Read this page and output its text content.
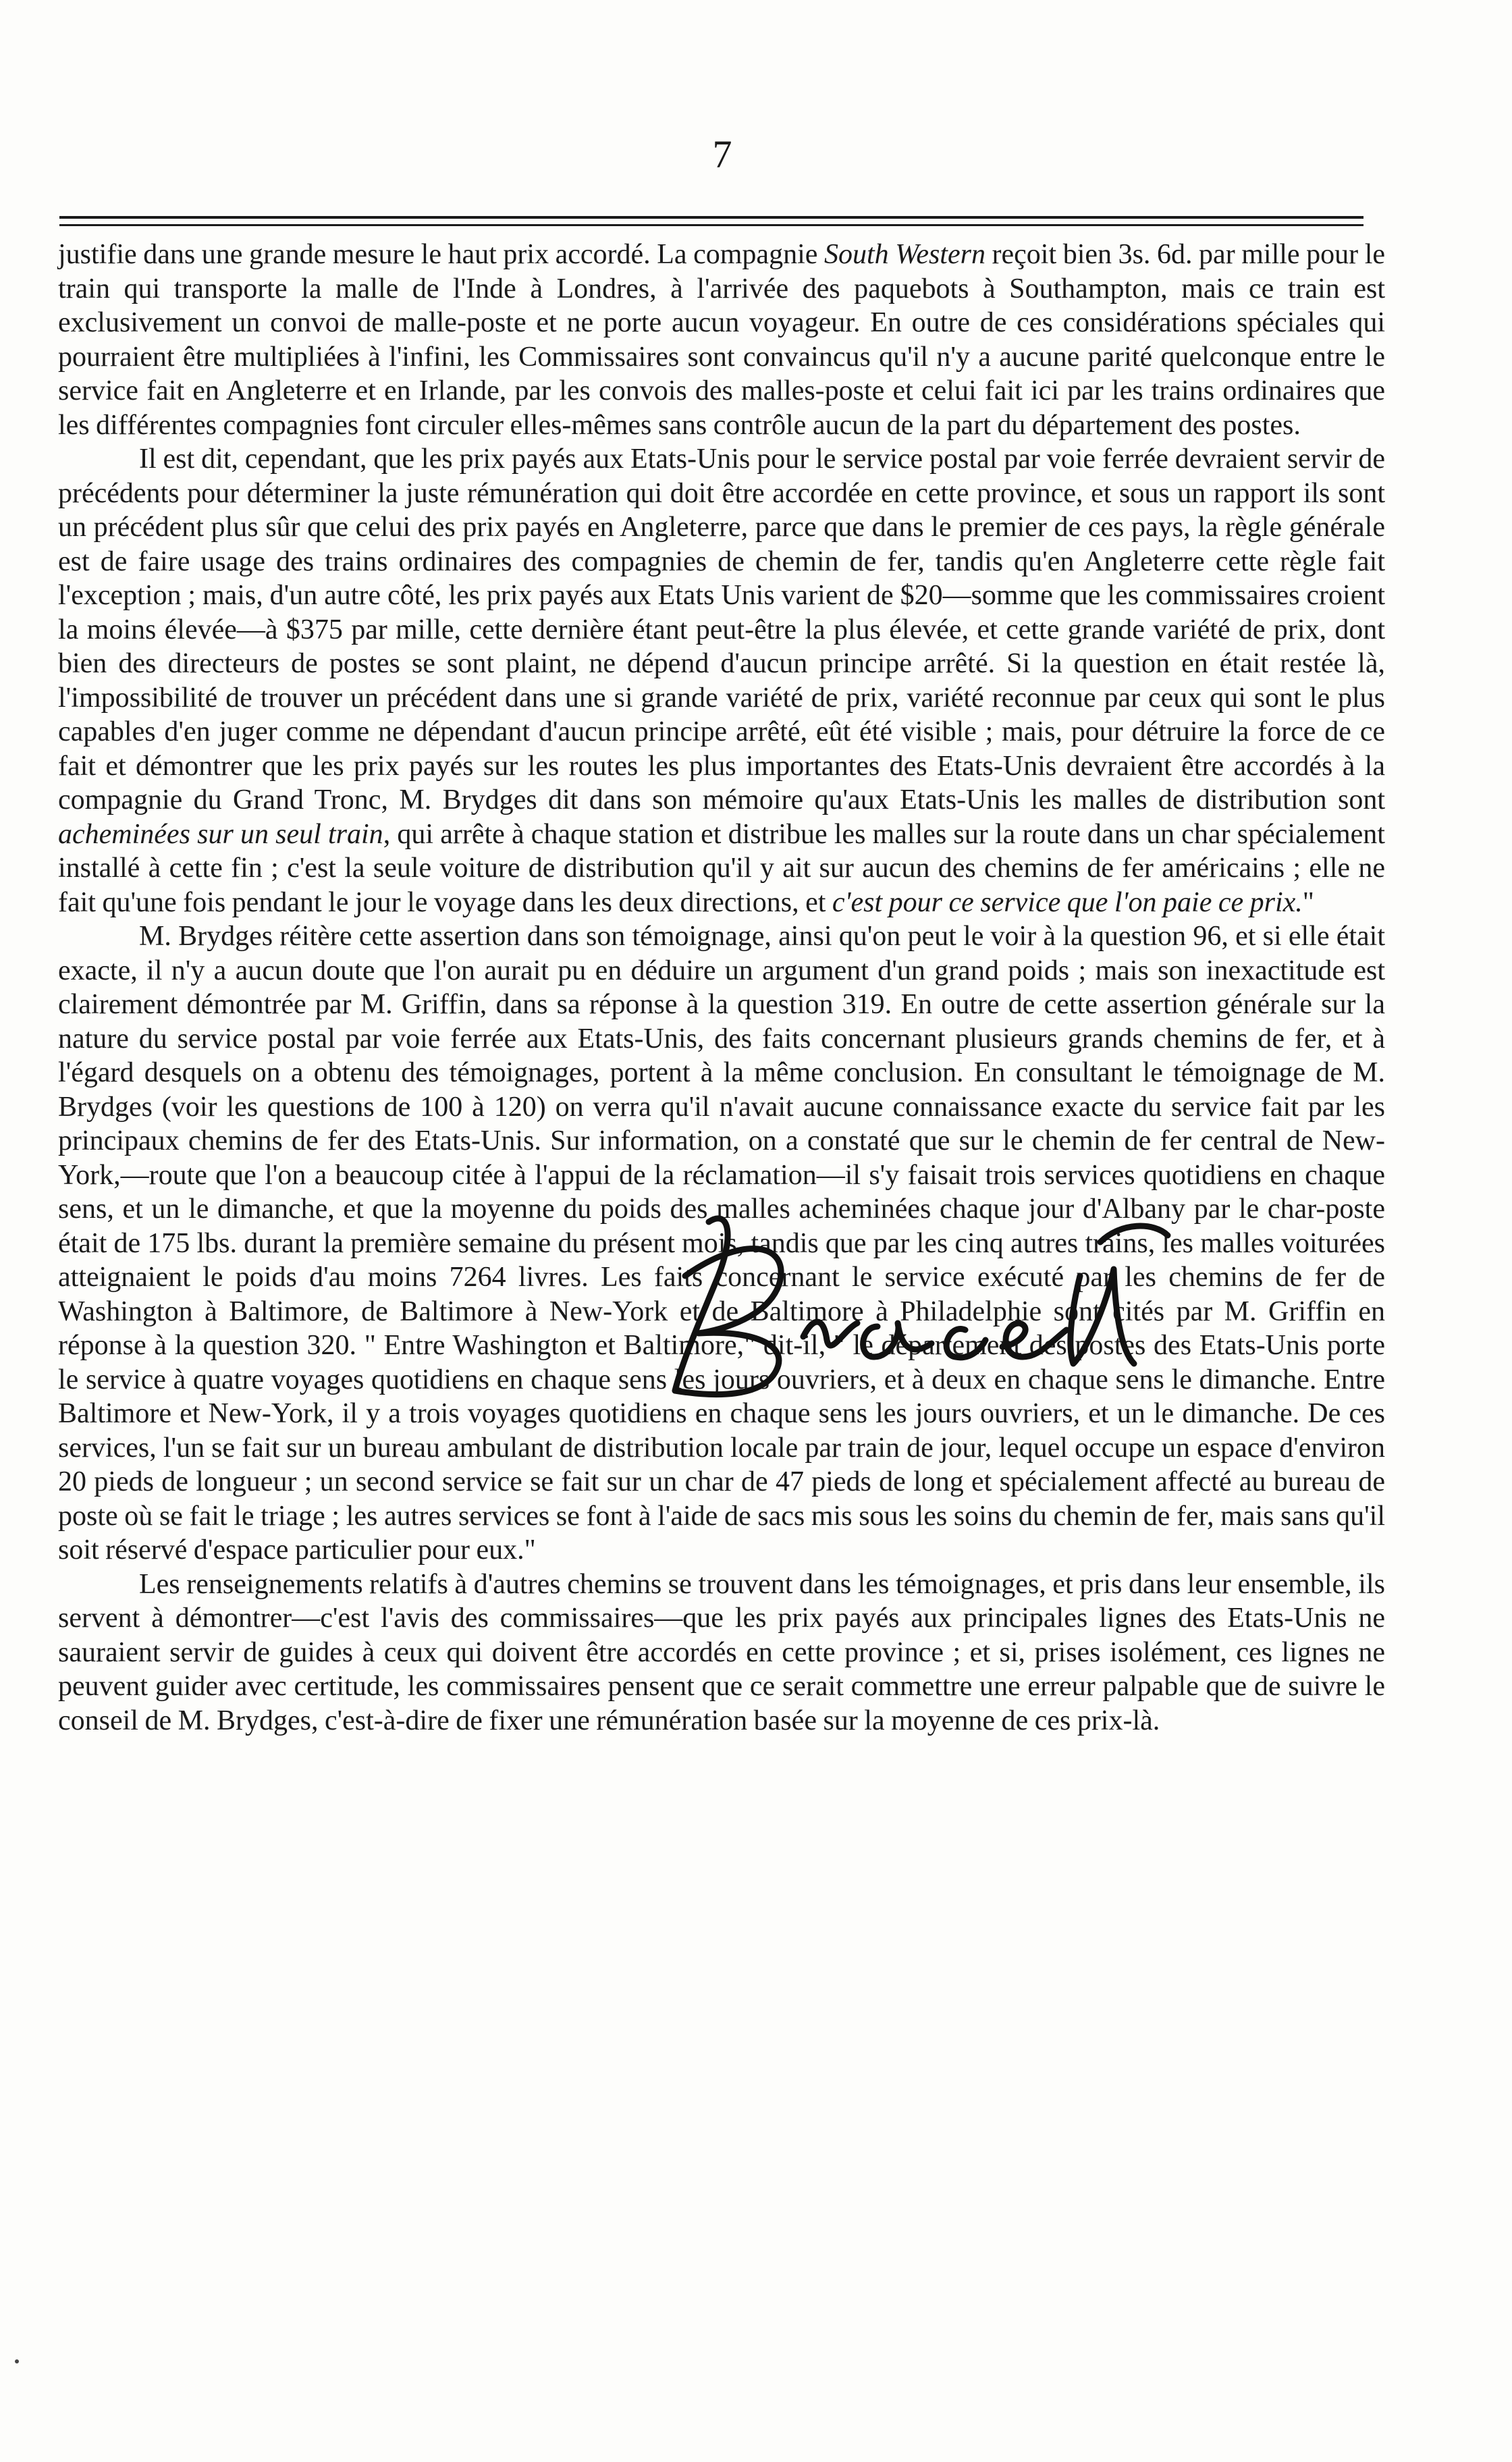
7

justifie dans une grande mesure le haut prix accordé. La compagnie South Western reçoit bien 3s. 6d. par mille pour le train qui transporte la malle de l'Inde à Londres, à l'arrivée des paquebots à Southampton, mais ce train est exclusivement un convoi de malle-poste et ne porte aucun voyageur. En outre de ces considérations spéciales qui pourraient être multipliées à l'infini, les Commissaires sont convaincus qu'il n'y a aucune parité quelconque entre le service fait en Angleterre et en Irlande, par les convois des malles-poste et celui fait ici par les trains ordinaires que les différentes compagnies font circuler elles-mêmes sans contrôle aucun de la part du département des postes.

Il est dit, cependant, que les prix payés aux Etats-Unis pour le service postal par voie ferrée devraient servir de précédents pour déterminer la juste rémunération qui doit être accordée en cette province, et sous un rapport ils sont un précédent plus sûr que celui des prix payés en Angleterre, parce que dans le premier de ces pays, la règle générale est de faire usage des trains ordinaires des compagnies de chemin de fer, tandis qu'en Angleterre cette règle fait l'exception ; mais, d'un autre côté, les prix payés aux Etats Unis varient de $20—somme que les commissaires croient la moins élevée—à $375 par mille, cette dernière étant peut-être la plus élevée, et cette grande variété de prix, dont bien des directeurs de postes se sont plaint, ne dépend d'aucun principe arrêté. Si la question en était restée là, l'impossibilité de trouver un précédent dans une si grande variété de prix, variété reconnue par ceux qui sont le plus capables d'en juger comme ne dépendant d'aucun principe arrêté, eût été visible ; mais, pour détruire la force de ce fait et démontrer que les prix payés sur les routes les plus importantes des Etats-Unis devraient être accordés à la compagnie du Grand Tronc, M. Brydges dit dans son mémoire qu'aux Etats-Unis les malles de distribution sont acheminées sur un seul train, qui arrête à chaque station et distribue les malles sur la route dans un char spécialement installé à cette fin ; c'est la seule voiture de distribution qu'il y ait sur aucun des chemins de fer américains ; elle ne fait qu'une fois pendant le jour le voyage dans les deux directions, et c'est pour ce service que l'on paie ce prix."

M. Brydges réitère cette assertion dans son témoignage, ainsi qu'on peut le voir à la question 96, et si elle était exacte, il n'y a aucun doute que l'on aurait pu en déduire un argument d'un grand poids ; mais son inexactitude est clairement démontrée par M. Griffin, dans sa réponse à la question 319. En outre de cette assertion générale sur la nature du service postal par voie ferrée aux Etats-Unis, des faits concernant plusieurs grands chemins de fer, et à l'égard desquels on a obtenu des témoignages, portent à la même conclusion. En consultant le témoignage de M. Brydges (voir les questions de 100 à 120) on verra qu'il n'avait aucune connaissance exacte du service fait par les principaux chemins de fer des Etats-Unis. Sur information, on a constaté que sur le chemin de fer central de New-York,—route que l'on a beaucoup citée à l'appui de la réclamation—il s'y faisait trois services quotidiens en chaque sens, et un le dimanche, et que la moyenne du poids des malles acheminées chaque jour d'Albany par le char-poste était de 175 lbs. durant la première semaine du présent mois, tandis que par les cinq autres trains, les malles voiturées atteignaient le poids d'au moins 7264 livres. Les faits concernant le service exécuté par les chemins de fer de Washington à Baltimore, de Baltimore à New-York et de Baltimore à Philadelphie sont cités par M. Griffin en réponse à la question 320. " Entre Washington et Baltimore," dit-il, " le département des postes des Etats-Unis porte le service à quatre voyages quotidiens en chaque sens les jours ouvriers, et à deux en chaque sens le dimanche. Entre Baltimore et New-York, il y a trois voyages quotidiens en chaque sens les jours ouvriers, et un le dimanche. De ces services, l'un se fait sur un bureau ambulant de distribution locale par train de jour, lequel occupe un espace d'environ 20 pieds de longueur ; un second service se fait sur un char de 47 pieds de long et spécialement affecté au bureau de poste où se fait le triage ; les autres services se font à l'aide de sacs mis sous les soins du chemin de fer, mais sans qu'il soit réservé d'espace particulier pour eux."

Les renseignements relatifs à d'autres chemins se trouvent dans les témoignages, et pris dans leur ensemble, ils servent à démontrer—c'est l'avis des commissaires—que les prix payés aux principales lignes des Etats-Unis ne sauraient servir de guides à ceux qui doivent être accordés en cette province ; et si, prises isolément, ces lignes ne peuvent guider avec certitude, les commissaires pensent que ce serait commettre une erreur palpable que de suivre le conseil de M. Brydges, c'est-à-dire de fixer une rémunération basée sur la moyenne de ces prix-là.
